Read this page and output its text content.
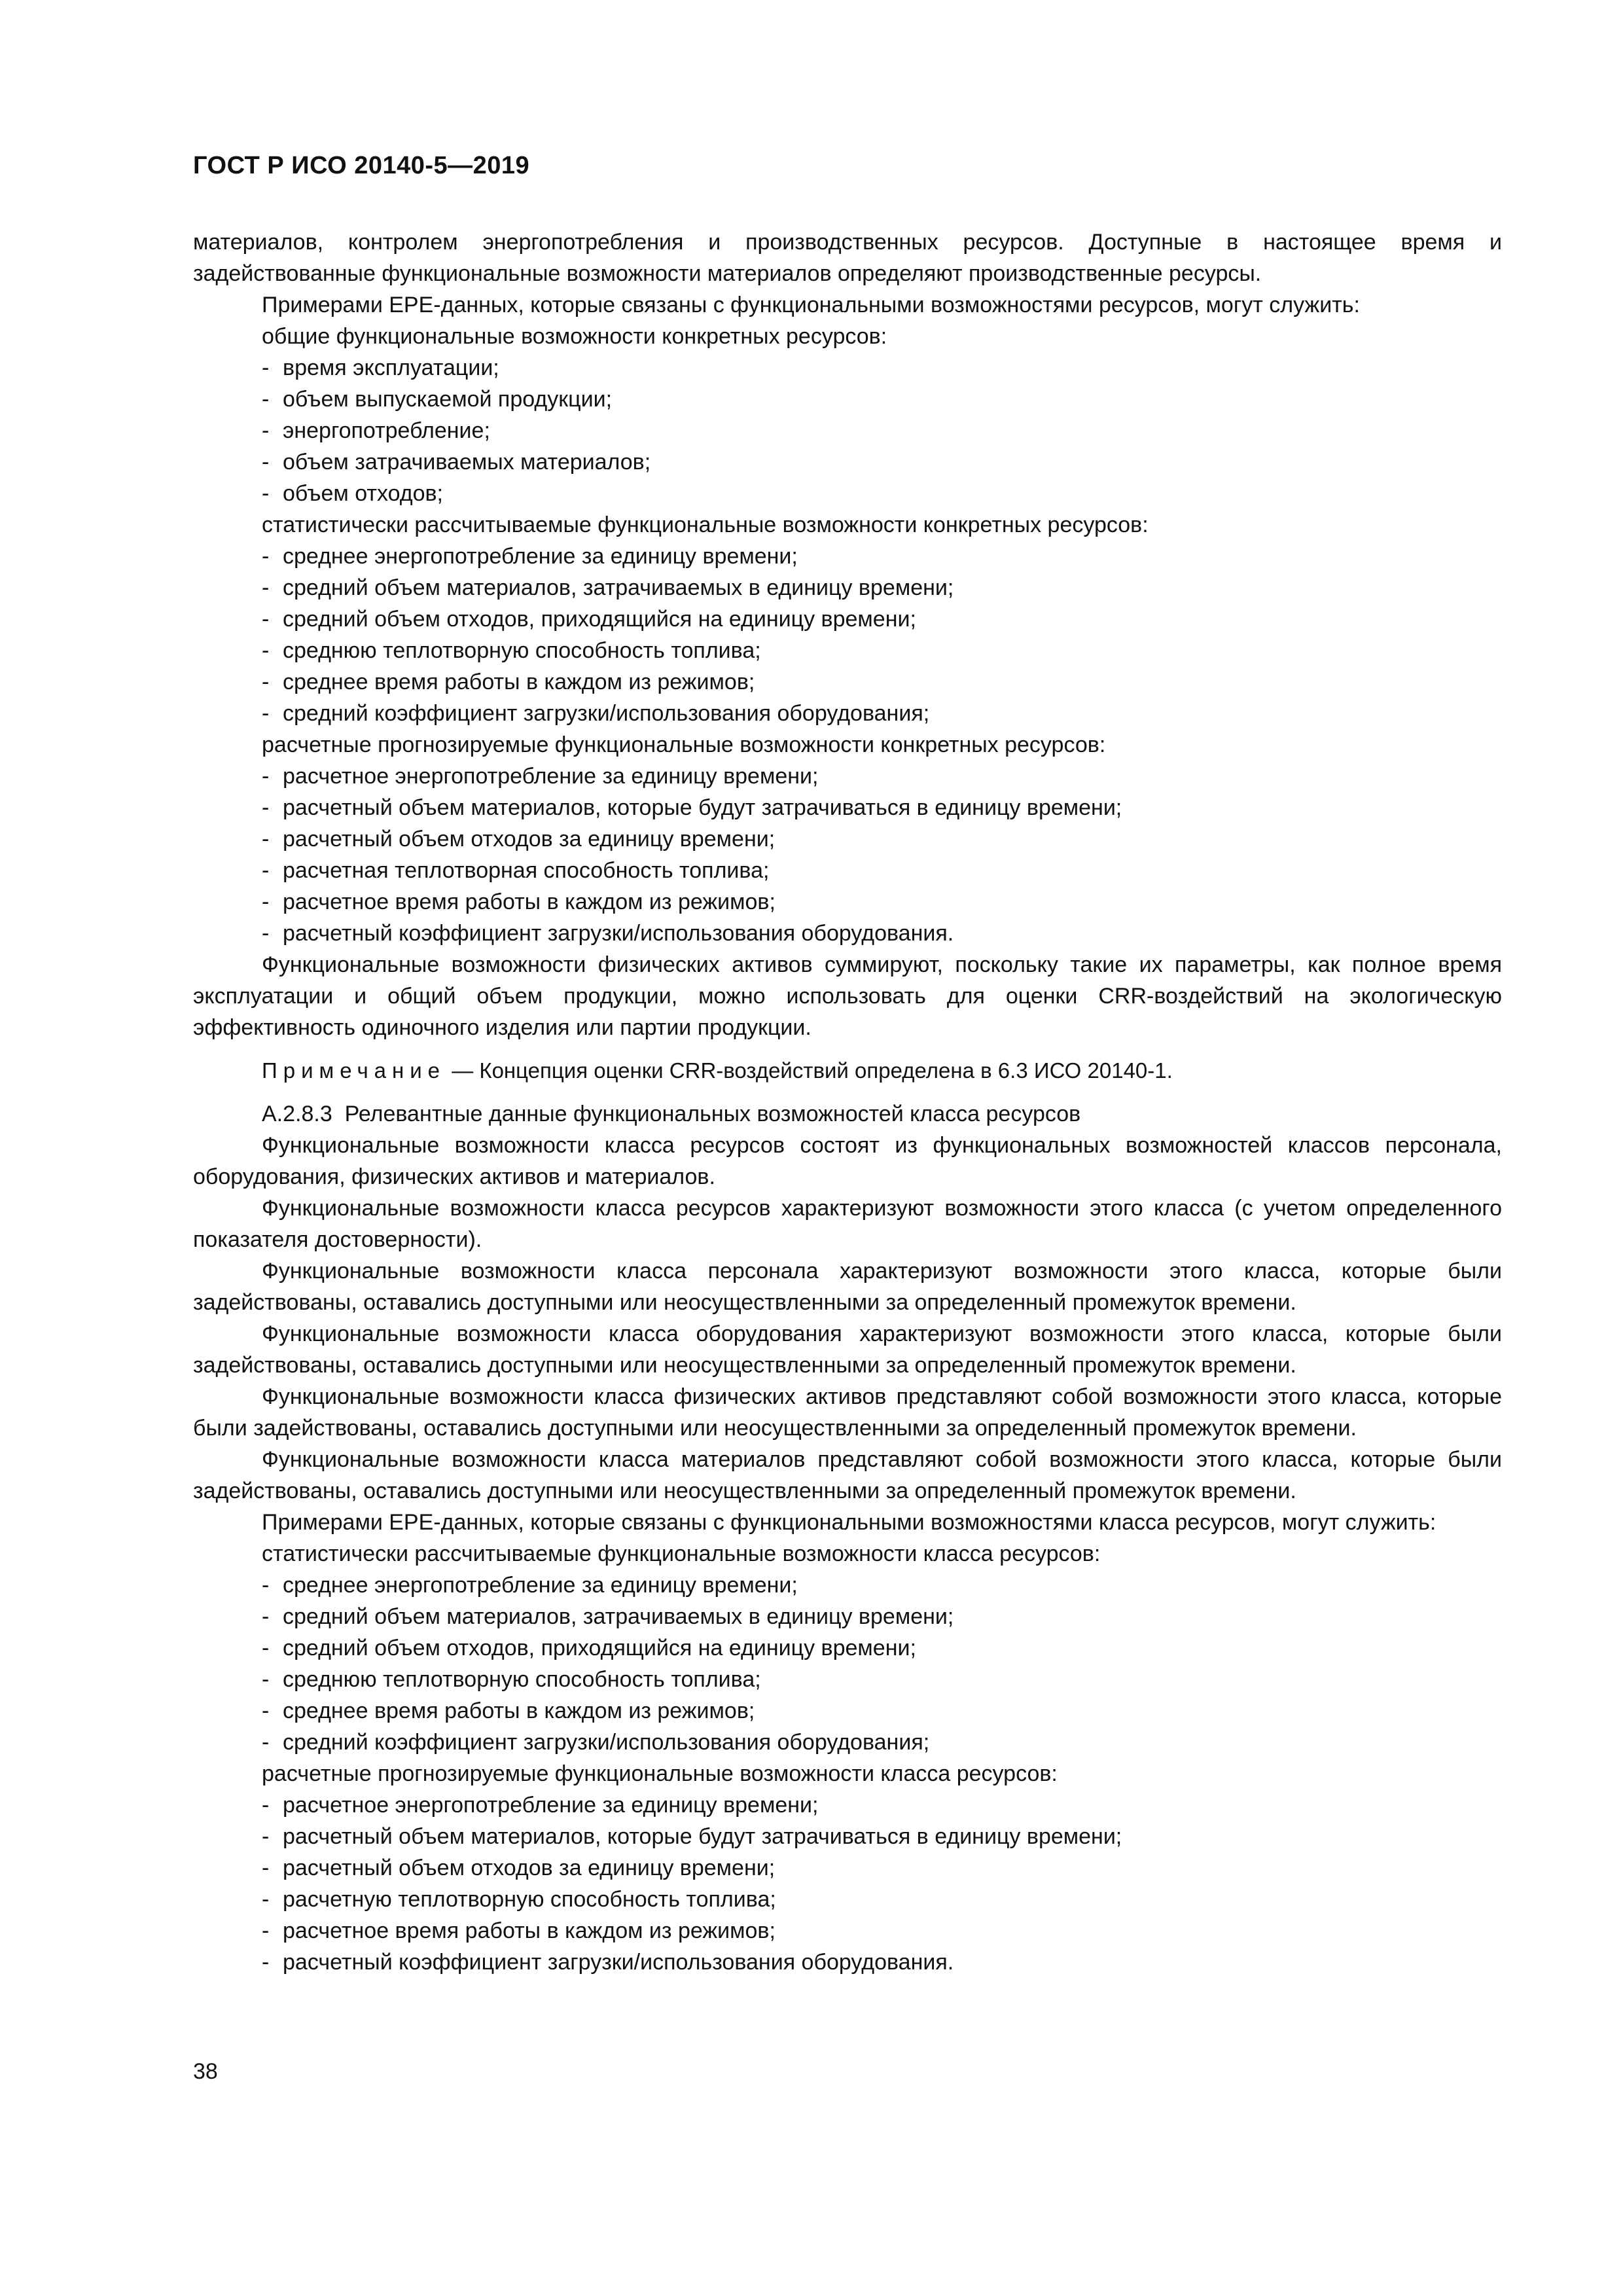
ГОСТ Р ИСО 20140-5—2019

материалов, контролем энергопотребления и производственных ресурсов. Доступные в настоящее время и задействованные функциональные возможности материалов определяют производственные ресурсы.

Примерами EPE-данных, которые связаны с функциональными возможностями ресурсов, могут служить:

общие функциональные возможности конкретных ресурсов:

- время эксплуатации;

- объем выпускаемой продукции;

- энергопотребление;

- объем затрачиваемых материалов;

- объем отходов;

статистически рассчитываемые функциональные возможности конкретных ресурсов:

- среднее энергопотребление за единицу времени;

- средний объем материалов, затрачиваемых в единицу времени;

- средний объем отходов, приходящийся на единицу времени;

- среднюю теплотворную способность топлива;

- среднее время работы в каждом из режимов;

- средний коэффициент загрузки/использования оборудования;

расчетные прогнозируемые функциональные возможности конкретных ресурсов:

- расчетное энергопотребление за единицу времени;

- расчетный объем материалов, которые будут затрачиваться в единицу времени;

- расчетный объем отходов за единицу времени;

- расчетная теплотворная способность топлива;

- расчетное время работы в каждом из режимов;

- расчетный коэффициент загрузки/использования оборудования.

Функциональные возможности физических активов суммируют, поскольку такие их параметры, как полное время эксплуатации и общий объем продукции, можно использовать для оценки CRR-воздействий на экологическую эффективность одиночного изделия или партии продукции.

Примечание — Концепция оценки CRR-воздействий определена в 6.3 ИСО 20140-1.

А.2.8.3 Релевантные данные функциональных возможностей класса ресурсов

Функциональные возможности класса ресурсов состоят из функциональных возможностей классов персонала, оборудования, физических активов и материалов.

Функциональные возможности класса ресурсов характеризуют возможности этого класса (с учетом определенного показателя достоверности).

Функциональные возможности класса персонала характеризуют возможности этого класса, которые были задействованы, оставались доступными или неосуществленными за определенный промежуток времени.

Функциональные возможности класса оборудования характеризуют возможности этого класса, которые были задействованы, оставались доступными или неосуществленными за определенный промежуток времени.

Функциональные возможности класса физических активов представляют собой возможности этого класса, которые были задействованы, оставались доступными или неосуществленными за определенный промежуток времени.

Функциональные возможности класса материалов представляют собой возможности этого класса, которые были задействованы, оставались доступными или неосуществленными за определенный промежуток времени.

Примерами EPE-данных, которые связаны с функциональными возможностями класса ресурсов, могут служить:

статистически рассчитываемые функциональные возможности класса ресурсов:

- среднее энергопотребление за единицу времени;

- средний объем материалов, затрачиваемых в единицу времени;

- средний объем отходов, приходящийся на единицу времени;

- среднюю теплотворную способность топлива;

- среднее время работы в каждом из режимов;

- средний коэффициент загрузки/использования оборудования;

расчетные прогнозируемые функциональные возможности класса ресурсов:

- расчетное энергопотребление за единицу времени;

- расчетный объем материалов, которые будут затрачиваться в единицу времени;

- расчетный объем отходов за единицу времени;

- расчетную теплотворную способность топлива;

- расчетное время работы в каждом из режимов;

- расчетный коэффициент загрузки/использования оборудования.

38
